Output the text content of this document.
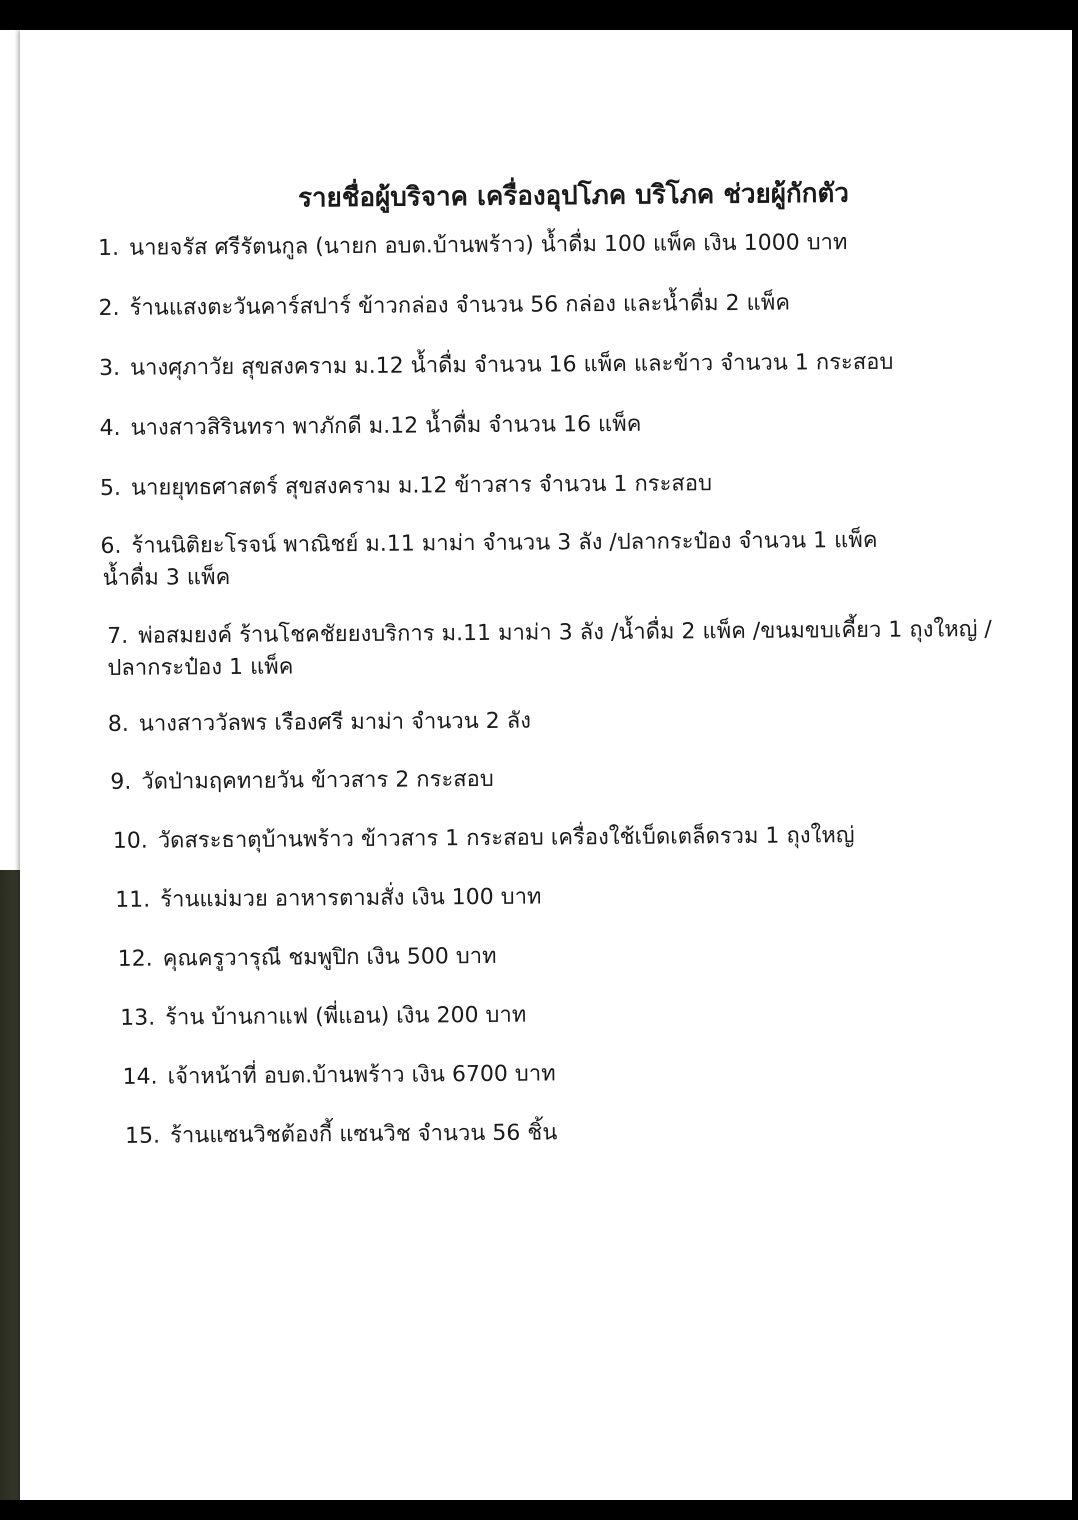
รายชื่อผู้บริจาค เครื่องอุปโภค บริโภค ช่วยผู้กักตัว
1. นายจรัส ศรีรัตนกูล (นายก อบต.บ้านพร้าว) น้ำดื่ม 100 แพ็ค เงิน 1000 บาท
2. ร้านแสงตะวันคาร์สปาร์ ข้าวกล่อง จำนวน 56 กล่อง และน้ำดื่ม 2 แพ็ค
3. นางศุภาวัย สุขสงคราม ม.12 น้ำดื่ม จำนวน 16 แพ็ค และข้าว จำนวน 1 กระสอบ
4. นางสาวสิรินทรา พาภักดี ม.12 น้ำดื่ม จำนวน 16 แพ็ค
5. นายยุทธศาสตร์ สุขสงคราม ม.12 ข้าวสาร จำนวน 1 กระสอบ
6. ร้านนิติยะโรจน์ พาณิชย์ ม.11 มาม่า จำนวน 3 ลัง /ปลากระป๋อง จำนวน 1 แพ็ค
น้ำดื่ม 3 แพ็ค
7. พ่อสมยงค์ ร้านโชคชัยยงบริการ ม.11 มาม่า 3 ลัง /น้ำดื่ม 2 แพ็ค /ขนมขบเคี้ยว 1 ถุงใหญ่ /
ปลากระป๋อง 1 แพ็ค
8. นางสาววัลพร เรืองศรี มาม่า จำนวน 2 ลัง
9. วัดป่ามฤคทายวัน ข้าวสาร 2 กระสอบ
10. วัดสระธาตุบ้านพร้าว ข้าวสาร 1 กระสอบ เครื่องใช้เบ็ดเตล็ดรวม 1 ถุงใหญ่
11. ร้านแม่มวย อาหารตามสั่ง เงิน 100 บาท
12. คุณครูวารุณี ชมพูปิก เงิน 500 บาท
13. ร้าน บ้านกาแฟ (พี่แอน) เงิน 200 บาท
14. เจ้าหน้าที่ อบต.บ้านพร้าว เงิน 6700 บาท
15. ร้านแซนวิชต้องกี้ แซนวิช จำนวน 56 ชิ้น
